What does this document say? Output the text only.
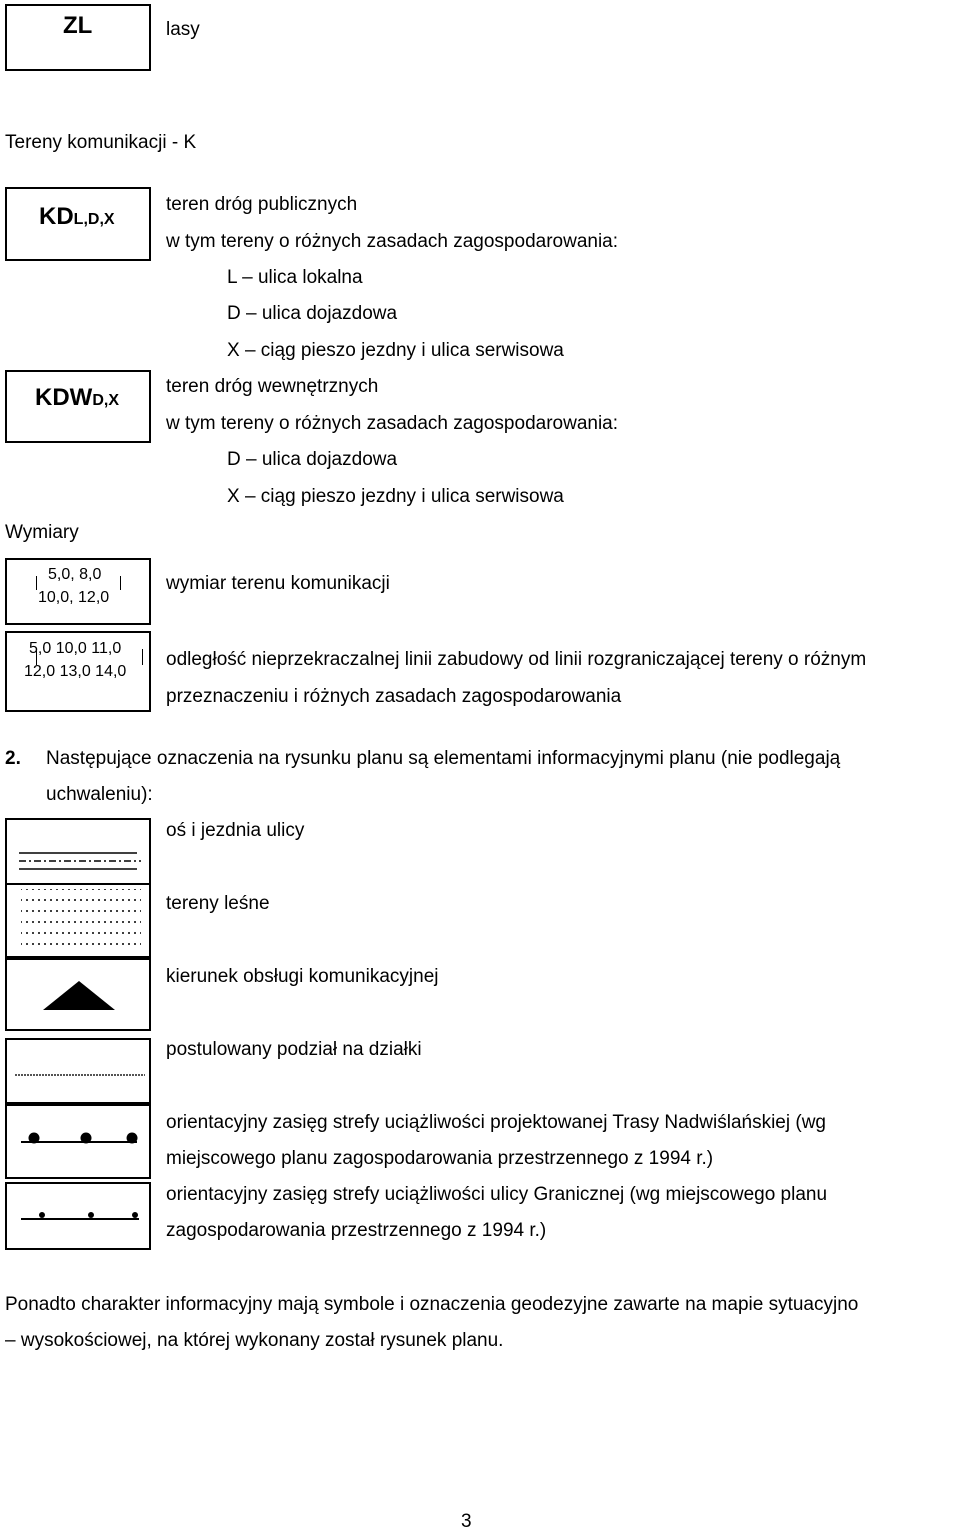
ZL	lasy
Tereny komunikacji - K
KDL,D,X
teren dróg publicznych
w tym tereny o różnych zasadach zagospodarowania:
L – ulica lokalna
D – ulica dojazdowa
X – ciąg pieszo jezdny i ulica serwisowa
KDWD,X
teren dróg wewnętrznych
w tym tereny o różnych zasadach zagospodarowania:
D – ulica dojazdowa
X – ciąg pieszo jezdny i ulica serwisowa
Wymiary
5,0, 8,0
10,0, 12,0
wymiar terenu komunikacji
5,0 10,0 11,0
12,0 13,0 14,0
odległość nieprzekraczalnej linii zabudowy od linii rozgraniczającej tereny o różnym
przeznaczeniu i różnych zasadach zagospodarowania
2. Następujące oznaczenia na rysunku planu są elementami informacyjnymi planu (nie podlegają
uchwaleniu):
oś i jezdnia ulicy
tereny leśne
kierunek obsługi komunikacyjnej
postulowany podział na działki
orientacyjny zasięg strefy uciążliwości projektowanej Trasy Nadwiślańskiej (wg
miejscowego planu zagospodarowania przestrzennego z 1994 r.)
orientacyjny zasięg strefy uciążliwości ulicy Granicznej (wg miejscowego planu
zagospodarowania przestrzennego z 1994 r.)
Ponadto charakter informacyjny mają symbole i oznaczenia geodezyjne zawarte na mapie sytuacyjno
– wysokościowej, na której wykonany został rysunek planu.
3
